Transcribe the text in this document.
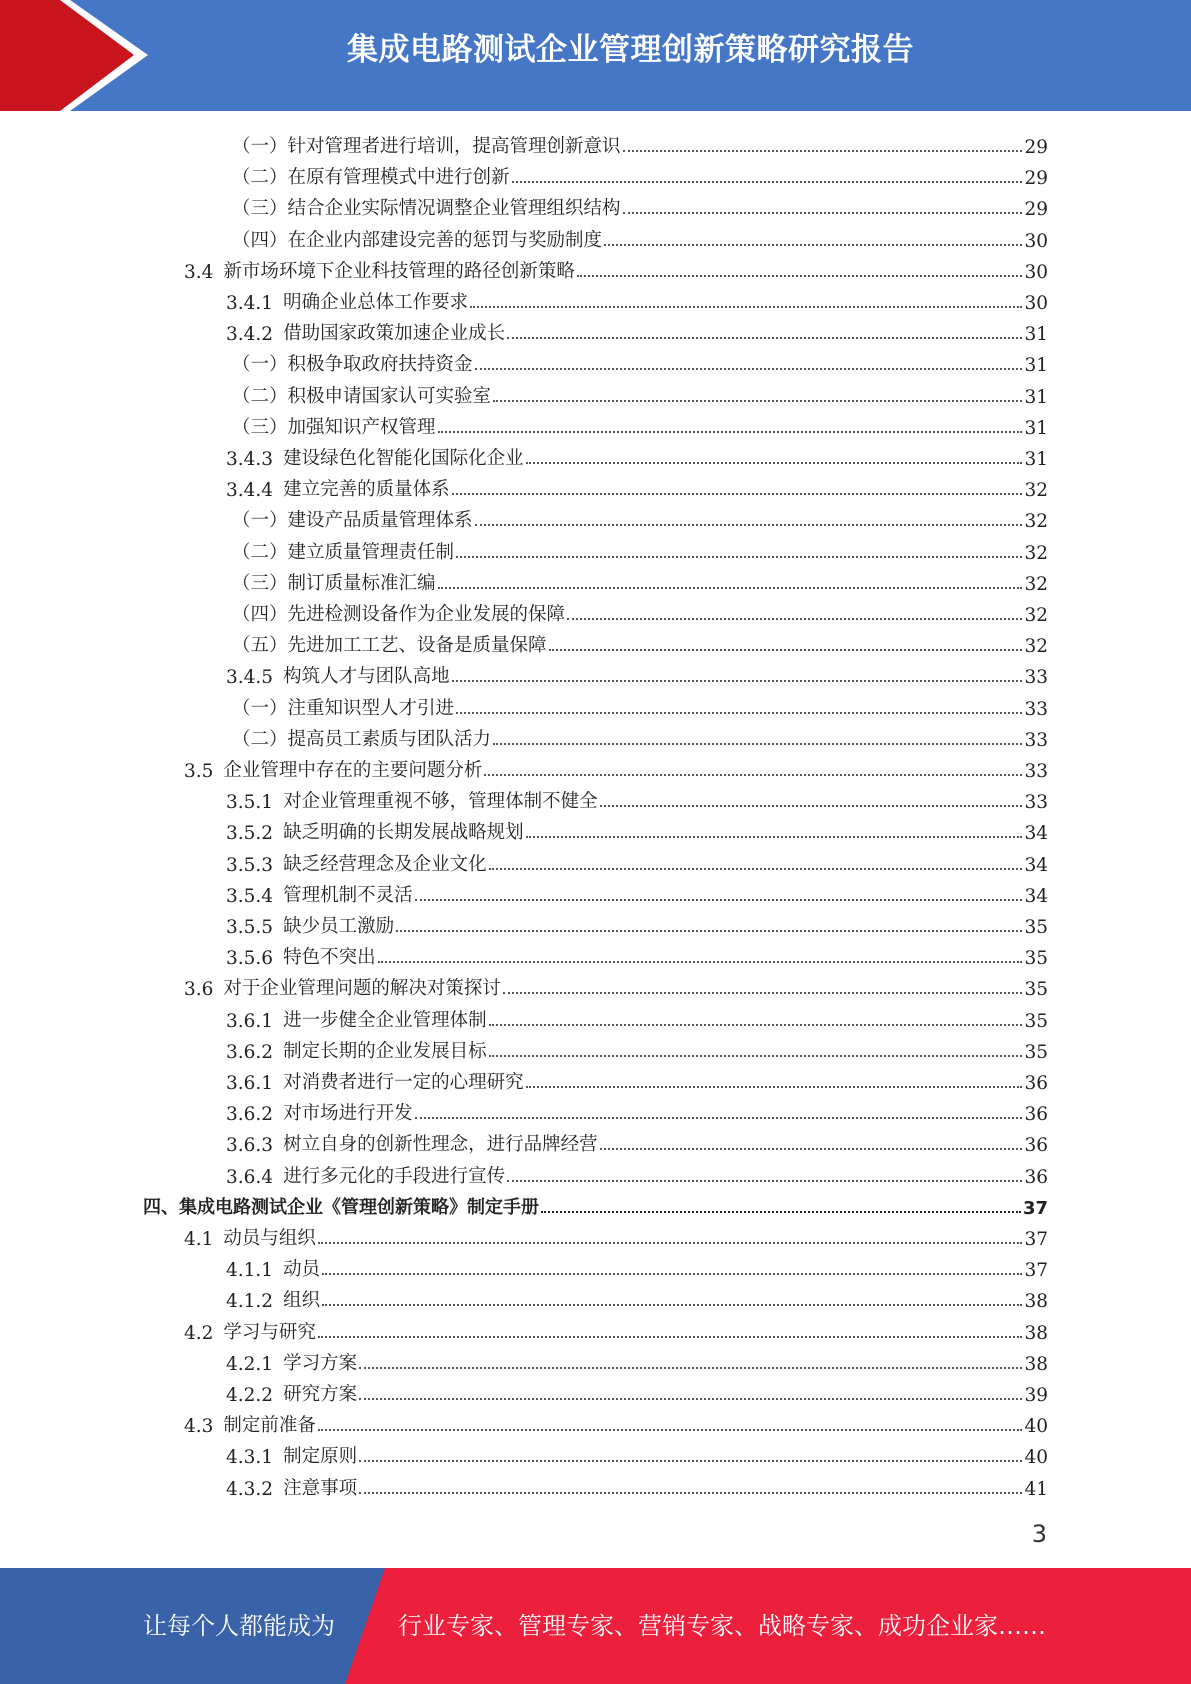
集成电路测试企业管理创新策略研究报告
（一）针对管理者进行培训，提高管理创新意识	29
（二）在原有管理模式中进行创新	29
（三）结合企业实际情况调整企业管理组织结构	29
（四）在企业内部建设完善的惩罚与奖励制度	30
3.4 新市场环境下企业科技管理的路径创新策略	30
3.4.1 明确企业总体工作要求	30
3.4.2 借助国家政策加速企业成长	31
（一）积极争取政府扶持资金	31
（二）积极申请国家认可实验室	31
（三）加强知识产权管理	31
3.4.3 建设绿色化智能化国际化企业	31
3.4.4 建立完善的质量体系	32
（一）建设产品质量管理体系	32
（二）建立质量管理责任制	32
（三）制订质量标准汇编	32
（四）先进检测设备作为企业发展的保障	32
（五）先进加工工艺、设备是质量保障	32
3.4.5 构筑人才与团队高地	33
（一）注重知识型人才引进	33
（二）提高员工素质与团队活力	33
3.5 企业管理中存在的主要问题分析	33
3.5.1 对企业管理重视不够，管理体制不健全	33
3.5.2 缺乏明确的长期发展战略规划	34
3.5.3 缺乏经营理念及企业文化	34
3.5.4 管理机制不灵活	34
3.5.5 缺少员工激励	35
3.5.6 特色不突出	35
3.6 对于企业管理问题的解决对策探讨	35
3.6.1 进一步健全企业管理体制	35
3.6.2 制定长期的企业发展目标	35
3.6.1 对消费者进行一定的心理研究	36
3.6.2 对市场进行开发	36
3.6.3 树立自身的创新性理念，进行品牌经营	36
3.6.4 进行多元化的手段进行宣传	36
四、集成电路测试企业《管理创新策略》制定手册	37
4.1 动员与组织	37
4.1.1 动员	37
4.1.2 组织	38
4.2 学习与研究	38
4.2.1 学习方案	38
4.2.2 研究方案	39
4.3 制定前准备	40
4.3.1 制定原则	40
4.3.2 注意事项	41
3
让每个人都能成为	行业专家、管理专家、营销专家、战略专家、成功企业家……
